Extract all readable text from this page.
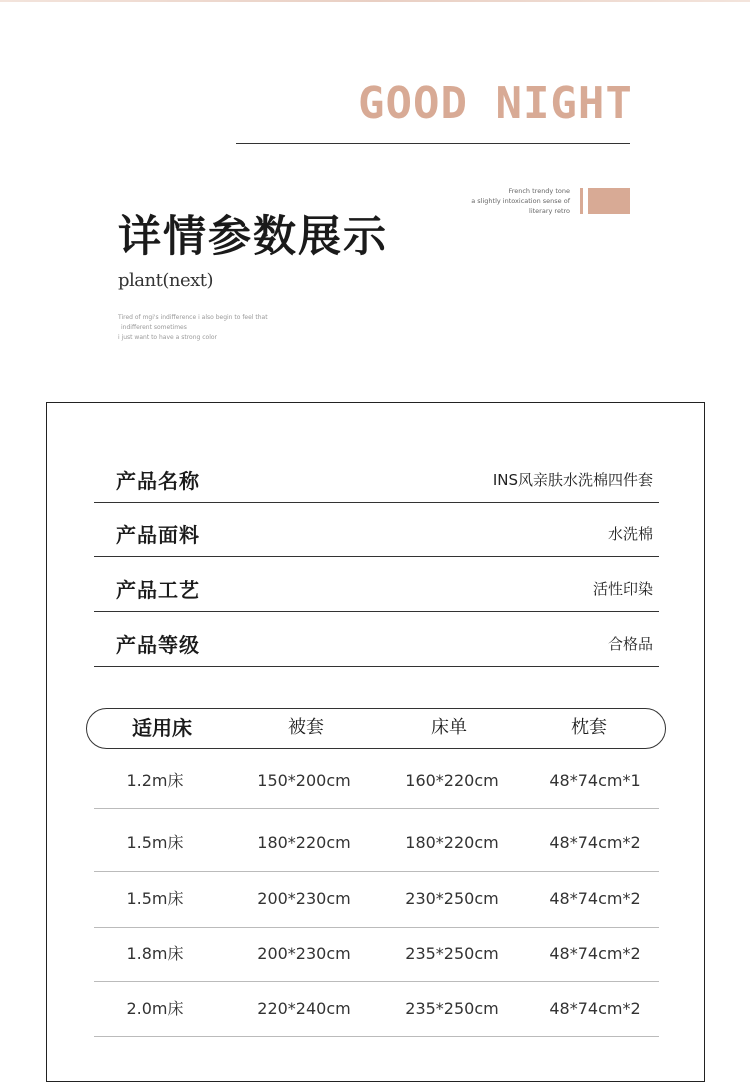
GOOD NIGHT
French trendy tone
a slightly intoxication sense of
literary retro
详情参数展示
plant(next)
Tired of mgi's indifference i also begin to feel that
indifferent sometimes
i just want to have a strong color
产品名称	INS风亲肤水洗棉四件套
产品面料	水洗棉
产品工艺	活性印染
产品等级	合格品
适用床	被套	床单	枕套
1.2m床	150*200cm	160*220cm	48*74cm*1
1.5m床	180*220cm	180*220cm	48*74cm*2
1.5m床	200*230cm	230*250cm	48*74cm*2
1.8m床	200*230cm	235*250cm	48*74cm*2
2.0m床	220*240cm	235*250cm	48*74cm*2
